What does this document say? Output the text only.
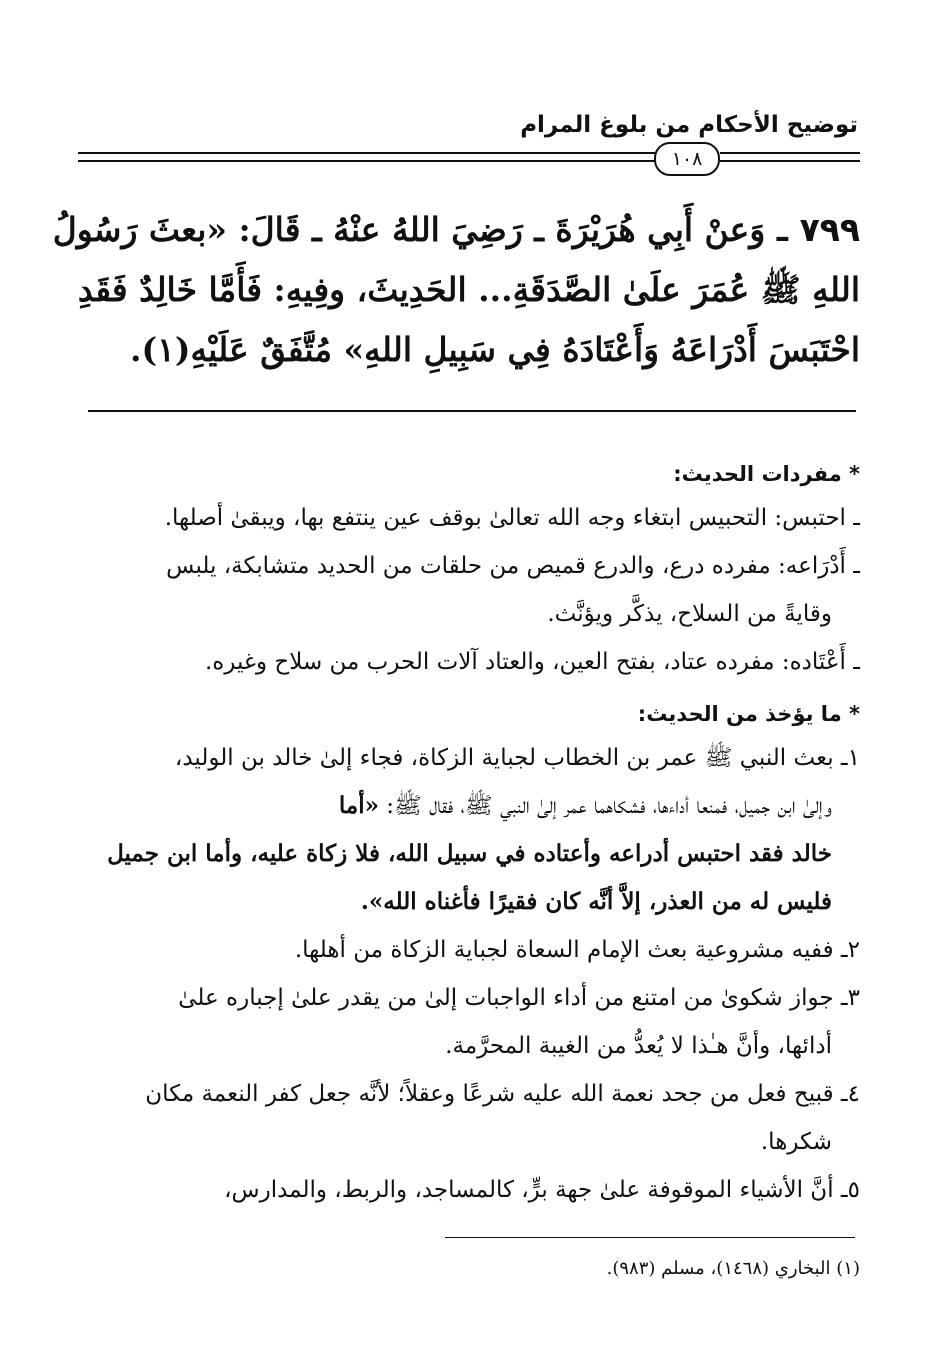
توضيح الأحكام من بلوغ المرام
١٠٨
٧٩٩ ـ وَعنْ أَبِي هُرَيْرَةَ ـ رَضِيَ اللهُ عنْهُ ـ قَالَ: «بعثَ رَسُولُ
اللهِ ﷺ عُمَرَ علَىٰ الصَّدَقَةِ... الحَدِيثَ، وفِيهِ: فَأَمَّا خَالِدٌ فَقَدِ
احْتَبَسَ أَدْرَاعَهُ وَأَعْتَادَهُ فِي سَبِيلِ اللهِ» مُتَّفَقٌ عَلَيْهِ(١).
* مفردات الحديث:
ـ احتبس: التحبيس ابتغاء وجه الله تعالىٰ بوقف عين ينتفع بها، ويبقىٰ أصلها.
ـ أَدْرَاعه: مفرده درع، والدرع قميص من حلقات من الحديد متشابكة، يلبس
وقايةً من السلاح، يذكَّر ويؤنَّث.
ـ أَعْتَاده: مفرده عتاد، بفتح العين، والعتاد آلات الحرب من سلاح وغيره.
* ما يؤخذ من الحديث:
١ـ بعث النبي ﷺ عمر بن الخطاب لجباية الزكاة، فجاء إلىٰ خالد بن الوليد،
وإلىٰ ابن جميل، فمنعا أداءها، فشكاهما عمر إلىٰ النبي ﷺ، فقال ﷺ: «أما
خالد فقد احتبس أدراعه وأعتاده في سبيل الله، فلا زكاة عليه، وأما ابن جميل
فليس له من العذر، إلاَّ أنَّه كان فقيرًا فأغناه الله».
٢ـ ففيه مشروعية بعث الإمام السعاة لجباية الزكاة من أهلها.
٣ـ جواز شكوىٰ من امتنع من أداء الواجبات إلىٰ من يقدر علىٰ إجباره علىٰ
أدائها، وأنَّ هـٰذا لا يُعدُّ من الغيبة المحرَّمة.
٤ـ قبيح فعل من جحد نعمة الله عليه شرعًا وعقلاً؛ لأنَّه جعل كفر النعمة مكان
شكرها.
٥ـ أنَّ الأشياء الموقوفة علىٰ جهة برٍّ، كالمساجد، والربط، والمدارس،
(١) البخاري (١٤٦٨)، مسلم (٩٨٣).
